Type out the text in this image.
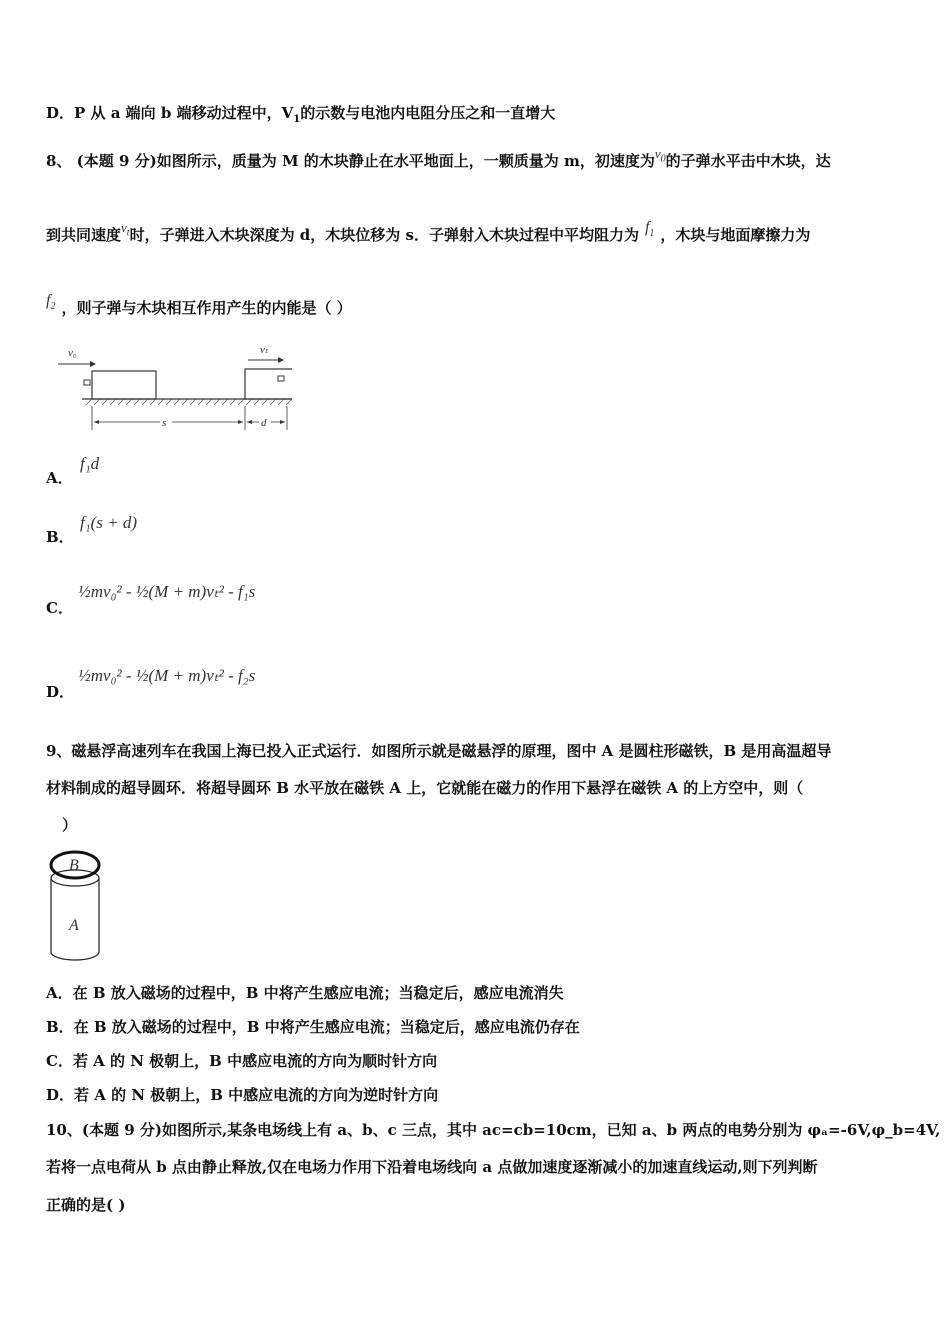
D．P 从 a 端向 b 端移动过程中，$V_1$的示数与电池内电阻分压之和一直增大
8、 (本题 9 分)如图所示，质量为 M 的木块静止在水平地面上，一颗质量为 m，初速度为$v_0$的子弹水平击中木块，达
到共同速度$v_t$时，子弹进入木块深度为 d，木块位移为 s．子弹射入木块过程中平均阻力为 $f_1$ ，木块与地面摩擦力为
$f_2$ ，则子弹与木块相互作用产生的内能是（ ）
v₀	vₜ
s	d
A．
f₁d
B．
f₁(s + d)
C．
½mv₀² - ½(M + m)vₜ² - f₁s
D．
½mv₀² - ½(M + m)vₜ² - f₂s
9、磁悬浮高速列车在我国上海已投入正式运行．如图所示就是磁悬浮的原理，图中 A 是圆柱形磁铁，B 是用高温超导
材料制成的超导圆环．将超导圆环 B 水平放在磁铁 A 上，它就能在磁力的作用下悬浮在磁铁 A 的上方空中，则（
）
B
A
A．在 B 放入磁场的过程中，B 中将产生感应电流；当稳定后，感应电流消失
B．在 B 放入磁场的过程中，B 中将产生感应电流；当稳定后，感应电流仍存在
C．若 A 的 N 极朝上，B 中感应电流的方向为顺时针方向
D．若 A 的 N 极朝上，B 中感应电流的方向为逆时针方向
10、(本题 9 分)如图所示,某条电场线上有 a、b、c 三点，其中 ac=cb=10cm，已知 a、b 两点的电势分别为 φₐ=-6V,φ_b=4V,
若将一点电荷从 b 点由静止释放,仅在电场力作用下沿着电场线向 a 点做加速度逐渐减小的加速直线运动,则下列判断
正确的是( )
